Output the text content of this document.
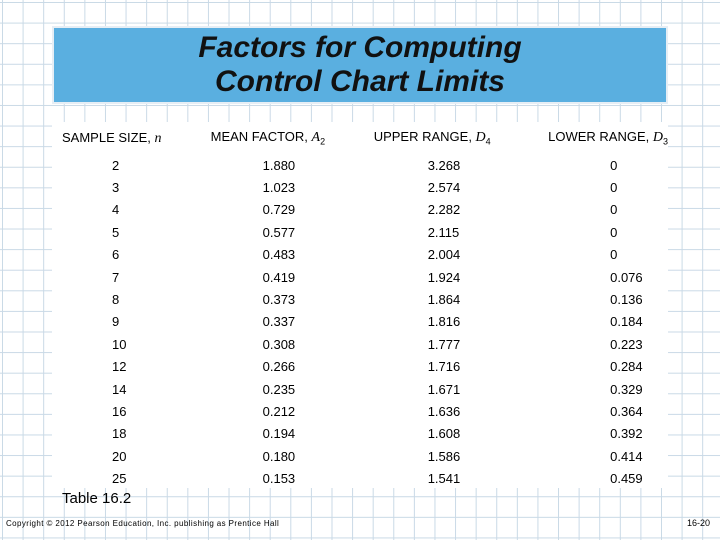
Factors for Computing
Control Chart Limits
SAMPLE SIZE, n	MEAN FACTOR, $A_2$	UPPER RANGE, $D_4$	LOWER RANGE, $D_3$
2	1.880	3.268	0
3	1.023	2.574	0
4	0.729	2.282	0
5	0.577	2.115	0
6	0.483	2.004	0
7	0.419	1.924	0.076
8	0.373	1.864	0.136
9	0.337	1.816	0.184
10	0.308	1.777	0.223
12	0.266	1.716	0.284
14	0.235	1.671	0.329
16	0.212	1.636	0.364
18	0.194	1.608	0.392
20	0.180	1.586	0.414
25	0.153	1.541	0.459
Table 16.2
Copyright © 2012 Pearson Education, Inc. publishing as Prentice Hall	16-20
